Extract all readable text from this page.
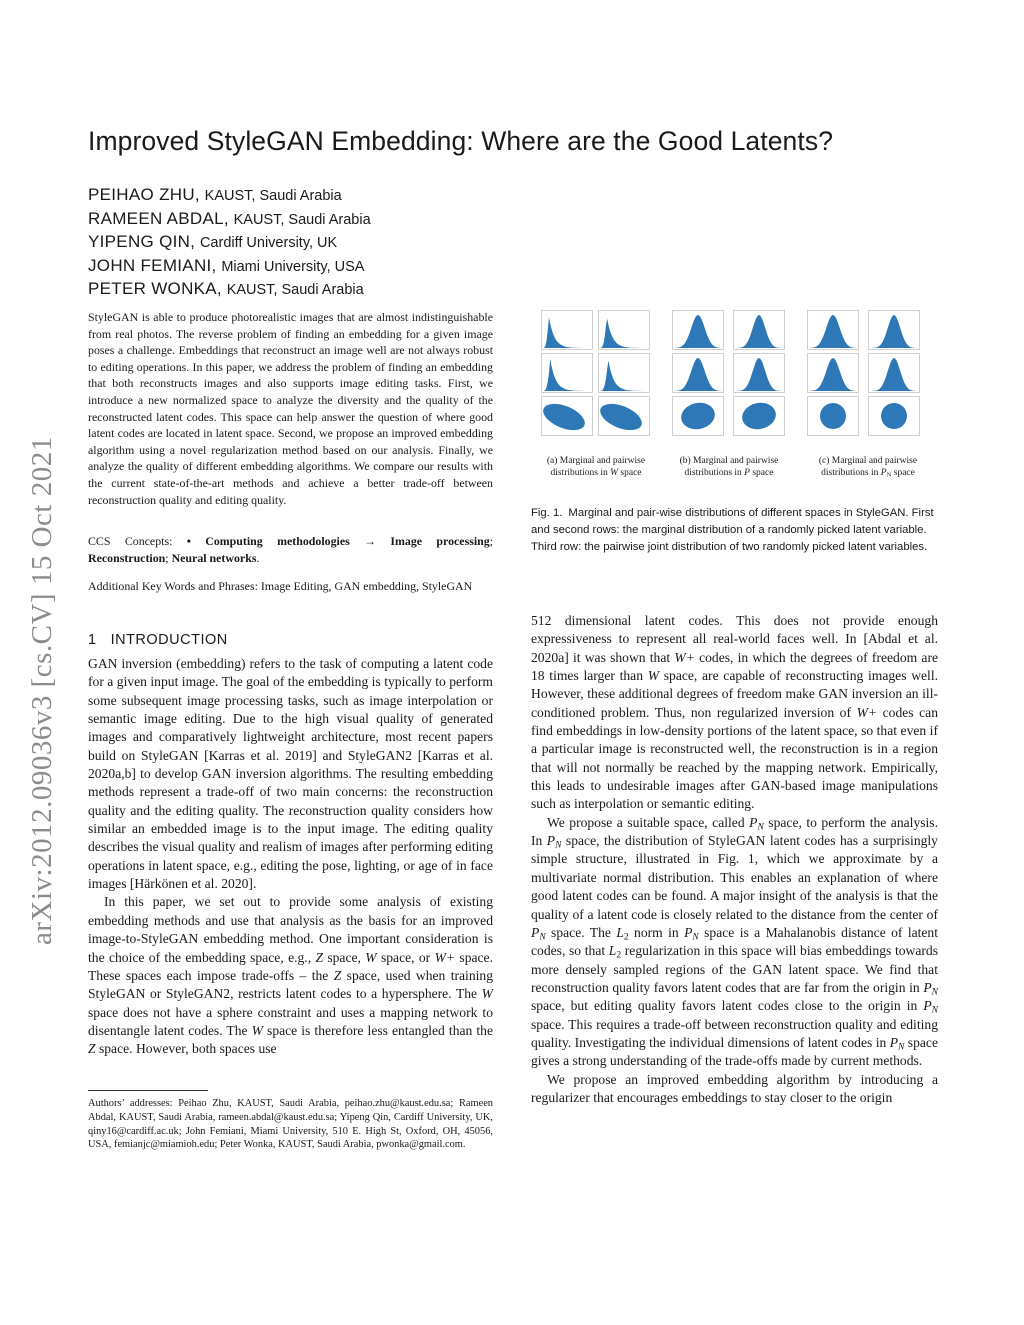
Improved StyleGAN Embedding: Where are the Good Latents?
PEIHAO ZHU, KAUST, Saudi Arabia
RAMEEN ABDAL, KAUST, Saudi Arabia
YIPENG QIN, Cardiff University, UK
JOHN FEMIANI, Miami University, USA
PETER WONKA, KAUST, Saudi Arabia
arXiv:2012.09036v3 [cs.CV] 15 Oct 2021
StyleGAN is able to produce photorealistic images that are almost indistinguishable from real photos. The reverse problem of finding an embedding for a given image poses a challenge. Embeddings that reconstruct an image well are not always robust to editing operations. In this paper, we address the problem of finding an embedding that both reconstructs images and also supports image editing tasks. First, we introduce a new normalized space to analyze the diversity and the quality of the reconstructed latent codes. This space can help answer the question of where good latent codes are located in latent space. Second, we propose an improved embedding algorithm using a novel regularization method based on our analysis. Finally, we analyze the quality of different embedding algorithms. We compare our results with the current state-of-the-art methods and achieve a better trade-off between reconstruction quality and editing quality.
CCS Concepts: • Computing methodologies → Image processing; Reconstruction; Neural networks.
Additional Key Words and Phrases: Image Editing, GAN embedding, StyleGAN
1 INTRODUCTION
GAN inversion (embedding) refers to the task of computing a latent code for a given input image. The goal of the embedding is typically to perform some subsequent image processing tasks, such as image interpolation or semantic image editing. Due to the high visual quality of generated images and comparatively lightweight architecture, most recent papers build on StyleGAN [Karras et al. 2019] and StyleGAN2 [Karras et al. 2020a,b] to develop GAN inversion algorithms. The resulting embedding methods represent a trade-off of two main concerns: the reconstruction quality and the editing quality. The reconstruction quality considers how similar an embedded image is to the input image. The editing quality describes the visual quality and realism of images after performing editing operations in latent space, e.g., editing the pose, lighting, or age of in face images [Härkönen et al. 2020].
In this paper, we set out to provide some analysis of existing embedding methods and use that analysis as the basis for an improved image-to-StyleGAN embedding method. One important consideration is the choice of the embedding space, e.g., Z space, W space, or W+ space. These spaces each impose trade-offs – the Z space, used when training StyleGAN or StyleGAN2, restricts latent codes to a hypersphere. The W space does not have a sphere constraint and uses a mapping network to disentangle latent codes. The W space is therefore less entangled than the Z space. However, both spaces use
Authors’ addresses: Peihao Zhu, KAUST, Saudi Arabia, peihao.zhu@kaust.edu.sa; Rameen Abdal, KAUST, Saudi Arabia, rameen.abdal@kaust.edu.sa; Yipeng Qin, Cardiff University, UK, qiny16@cardiff.ac.uk; John Femiani, Miami University, 510 E. High St, Oxford, OH, 45056, USA, femianjc@miamioh.edu; Peter Wonka, KAUST, Saudi Arabia, pwonka@gmail.com.
(a) Marginal and pairwise
distributions in W space
(b) Marginal and pairwise
distributions in P space
(c) Marginal and pairwise
distributions in $P_N$ space
Fig. 1. Marginal and pair-wise distributions of different spaces in StyleGAN. First and second rows: the marginal distribution of a randomly picked latent variable. Third row: the pairwise joint distribution of two randomly picked latent variables.
512 dimensional latent codes. This does not provide enough expressiveness to represent all real-world faces well. In [Abdal et al. 2020a] it was shown that W+ codes, in which the degrees of freedom are 18 times larger than W space, are capable of reconstructing images well. However, these additional degrees of freedom make GAN inversion an ill-conditioned problem. Thus, non regularized inversion of W+ codes can find embeddings in low-density portions of the latent space, so that even if a particular image is reconstructed well, the reconstruction is in a region that will not normally be reached by the mapping network. Empirically, this leads to undesirable images after GAN-based image manipulations such as interpolation or semantic editing.
We propose a suitable space, called $P_N$ space, to perform the analysis. In $P_N$ space, the distribution of StyleGAN latent codes has a surprisingly simple structure, illustrated in Fig. 1, which we approximate by a multivariate normal distribution. This enables an explanation of where good latent codes can be found. A major insight of the analysis is that the quality of a latent code is closely related to the distance from the center of $P_N$ space. The $L_2$ norm in $P_N$ space is a Mahalanobis distance of latent codes, so that $L_2$ regularization in this space will bias embeddings towards more densely sampled regions of the GAN latent space. We find that reconstruction quality favors latent codes that are far from the origin in $P_N$ space, but editing quality favors latent codes close to the origin in $P_N$ space. This requires a trade-off between reconstruction quality and editing quality. Investigating the individual dimensions of latent codes in $P_N$ space gives a strong understanding of the trade-offs made by current methods.
We propose an improved embedding algorithm by introducing a regularizer that encourages embeddings to stay closer to the origin
